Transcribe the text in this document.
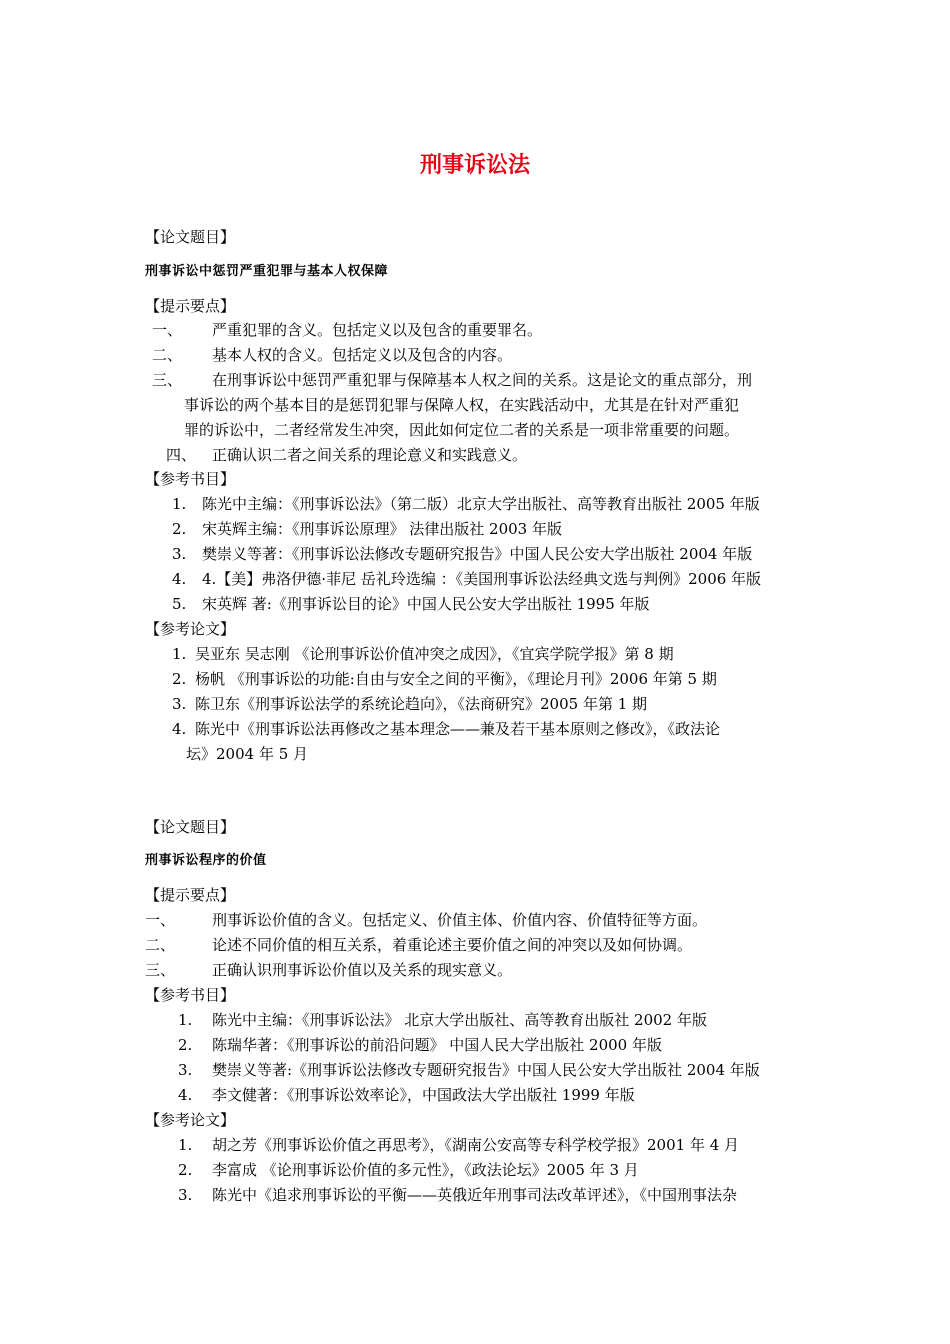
刑事诉讼法
【论文题目】
刑事诉讼中惩罚严重犯罪与基本人权保障
【提示要点】
一、 严重犯罪的含义。包括定义以及包含的重要罪名。
二、 基本人权的含义。包括定义以及包含的内容。
三、 在刑事诉讼中惩罚严重犯罪与保障基本人权之间的关系。这是论文的重点部分，刑
事诉讼的两个基本目的是惩罚犯罪与保障人权，在实践活动中，尤其是在针对严重犯
罪的诉讼中，二者经常发生冲突，因此如何定位二者的关系是一项非常重要的问题。
四、 正确认识二者之间关系的理论意义和实践意义。
【参考书目】
1. 陈光中主编：《刑事诉讼法》（第二版）北京大学出版社、高等教育出版社 2005 年版
2. 宋英辉主编：《刑事诉讼原理》 法律出版社 2003 年版
3. 樊崇义等著：《刑事诉讼法修改专题研究报告》中国人民公安大学出版社 2004 年版
4. 4.【美】弗洛伊德·菲尼 岳礼玲选编 ：《美国刑事诉讼法经典文选与判例》2006 年版
5. 宋英辉 著:《刑事诉讼目的论》中国人民公安大学出版社 1995 年版
【参考论文】
1. 吴亚东 吴志刚 《论刑事诉讼价值冲突之成因》，《宜宾学院学报》第 8 期
2. 杨帆 《刑事诉讼的功能:自由与安全之间的平衡》，《理论月刊》2006 年第 5 期
3. 陈卫东《刑事诉讼法学的系统论趋向》，《法商研究》2005 年第 1 期
4. 陈光中《刑事诉讼法再修改之基本理念——兼及若干基本原则之修改》，《政法论
坛》2004 年 5 月
【论文题目】
刑事诉讼程序的价值
【提示要点】
一、 刑事诉讼价值的含义。包括定义、价值主体、价值内容、价值特征等方面。
二、 论述不同价值的相互关系，着重论述主要价值之间的冲突以及如何协调。
三、 正确认识刑事诉讼价值以及关系的现实意义。
【参考书目】
1. 陈光中主编：《刑事诉讼法》 北京大学出版社、高等教育出版社 2002 年版
2. 陈瑞华著：《刑事诉讼的前沿问题》 中国人民大学出版社 2000 年版
3. 樊崇义等著:《刑事诉讼法修改专题研究报告》中国人民公安大学出版社 2004 年版
4. 李文健著：《刑事诉讼效率论》，中国政法大学出版社 1999 年版
【参考论文】
1. 胡之芳《刑事诉讼价值之再思考》，《湖南公安高等专科学校学报》2001 年 4 月
2. 李富成 《论刑事诉讼价值的多元性》，《政法论坛》2005 年 3 月
3. 陈光中《追求刑事诉讼的平衡——英俄近年刑事司法改革评述》，《中国刑事法杂
